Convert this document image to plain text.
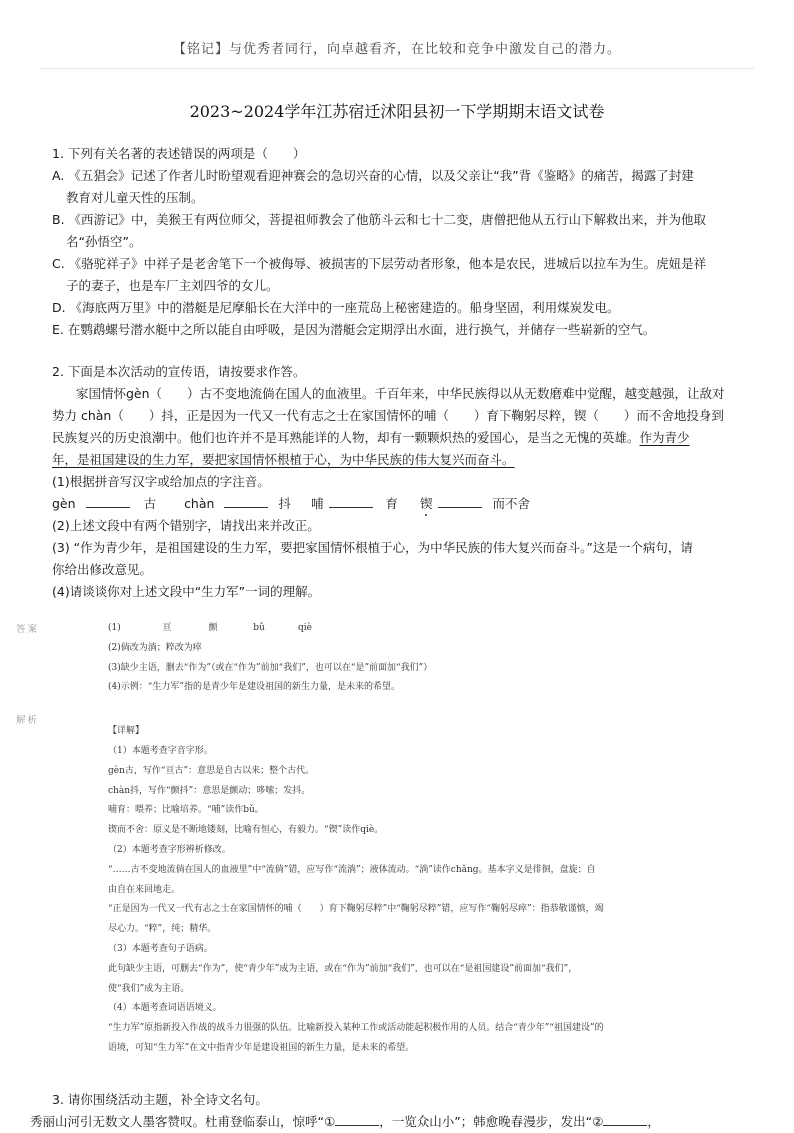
【铭记】与优秀者同行，向卓越看齐，在比较和竞争中激发自己的潜力。
2023~2024学年江苏宿迁沭阳县初一下学期期末语文试卷
1. 下列有关名著的表述错误的两项是（　　）
A. 《五猖会》记述了作者儿时盼望观看迎神赛会的急切兴奋的心情，以及父亲让“我”背《鉴略》的痛苦，揭露了封建
教育对儿童天性的压制。
B. 《西游记》中，美猴王有两位师父，菩提祖师教会了他筋斗云和七十二变，唐僧把他从五行山下解救出来，并为他取
名“孙悟空”。
C. 《骆驼祥子》中祥子是老舍笔下一个被侮辱、被损害的下层劳动者形象，他本是农民，进城后以拉车为生。虎妞是祥
子的妻子，也是车厂主刘四爷的女儿。
D. 《海底两万里》中的潜艇是尼摩船长在大洋中的一座荒岛上秘密建造的。船身坚固，利用煤炭发电。
E. 在鹦鹉螺号潜水艇中之所以能自由呼吸，是因为潜艇会定期浮出水面，进行换气，并储存一些崭新的空气。
2. 下面是本次活动的宣传语，请按要求作答。
家国情怀gèn（　　）古不变地流倘在国人的血液里。千百年来，中华民族得以从无数磨难中觉醒，越变越强，让敌对
势力 chàn（　　）抖，正是因为一代又一代有志之士在家国情怀的哺（　　）育下鞠躬尽粹，锲（　　）而不舍地投身到
民族复兴的历史浪潮中。他们也许并不是耳熟能详的人物，却有一颗颗炽热的爱国心，是当之无愧的英雄。作为青少
年，是祖国建设的生力军，要把家国情怀根植于心，为中华民族的伟大复兴而奋斗。
(1)根据拼音写汉字或给加点的字注音。
gèn	古 chàn	抖 哺	育 锲	而不舍
(2)上述文段中有两个错别字，请找出来并改正。
(3) “作为青少年，是祖国建设的生力军，要把家国情怀根植于心，为中华民族的伟大复兴而奋斗。”这是一个病句，请
你给出修改意见。
(4)请谈谈你对上述文段中“生力军”一词的理解。
答案	(1)	亘	颤	bǔ	qiè
(2)倘改为淌；粹改为瘁
(3)缺少主语，删去“作为”（或在“作为”前加“我们”，也可以在“是”前面加“我们”）
(4)示例：“生力军”指的是青少年是建设祖国的新生力量，是未来的希望。
解析
【详解】
（1）本题考查字音字形。
gèn古，写作“亘古”：意思是自古以来；整个古代。
chàn抖，写作“颤抖”：意思是颤动；哆嗦；发抖。
哺育：喂养；比喻培养。“哺”读作bǔ。
锲而不舍：原义是不断地镂刻，比喻有恒心，有毅力。“锲”读作qiè。
（2）本题考查字形辨析修改。
“……古不变地流倘在国人的血液里”中“流倘”错，应写作“流淌”；液体流动。“淌”读作chǎng。基本字义是徘徊，盘旋；自
由自在来回地走。
“正是因为一代又一代有志之士在家国情怀的哺（　　）育下鞠躬尽粹”中“鞠躬尽粹”错，应写作“鞠躬尽瘁”：指恭敬谨慎，竭
尽心力。“粹”，纯；精华。
（3）本题考查句子语病。
此句缺少主语，可删去“作为”，使“青少年”成为主语，或在“作为”前加“我们”，也可以在“是祖国建设”前面加“我们”，
使“我们”成为主语。
（4）本题考查词语语境义。
“生力军”原指新投入作战的战斗力很强的队伍。比喻新投入某种工作或活动能起积极作用的人员。结合“青少年”“祖国建设”的
语境，可知“生力军”在文中指青少年是建设祖国的新生力量，是未来的希望。
3. 请你围绕活动主题，补全诗文名句。
秀丽山河引无数文人墨客赞叹。杜甫登临泰山，惊呼“①	，一览众山小”；韩愈晚春漫步，发出“②	，
